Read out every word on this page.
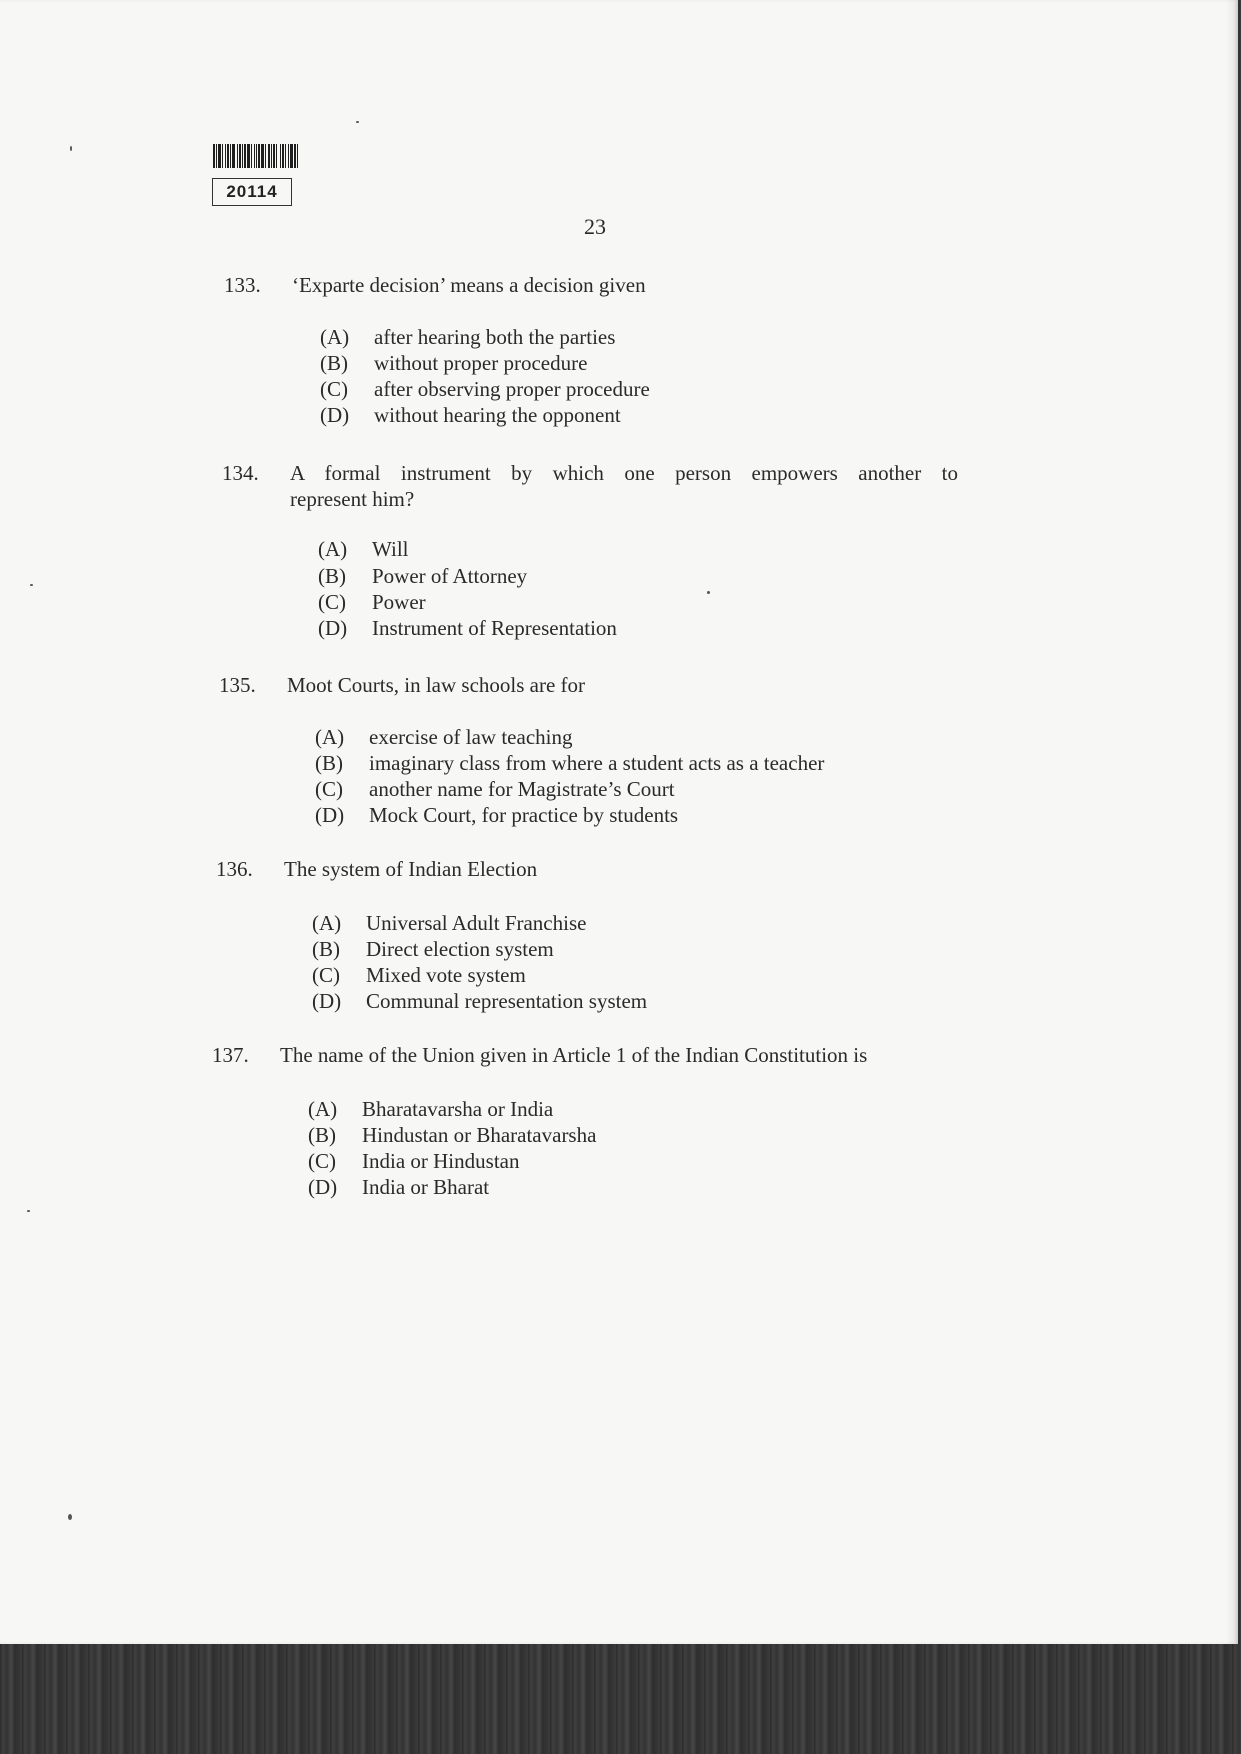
20114
23
133. ‘Exparte decision’ means a decision given
(A) after hearing both the parties
(B) without proper procedure
(C) after observing proper procedure
(D) without hearing the opponent
134. A formal instrument by which one person empowers another to
represent him?
(A) Will
(B) Power of Attorney
(C) Power
(D) Instrument of Representation
135. Moot Courts, in law schools are for
(A) exercise of law teaching
(B) imaginary class from where a student acts as a teacher
(C) another name for Magistrate’s Court
(D) Mock Court, for practice by students
136. The system of Indian Election
(A) Universal Adult Franchise
(B) Direct election system
(C) Mixed vote system
(D) Communal representation system
137. The name of the Union given in Article 1 of the Indian Constitution is
(A) Bharatavarsha or India
(B) Hindustan or Bharatavarsha
(C) India or Hindustan
(D) India or Bharat
